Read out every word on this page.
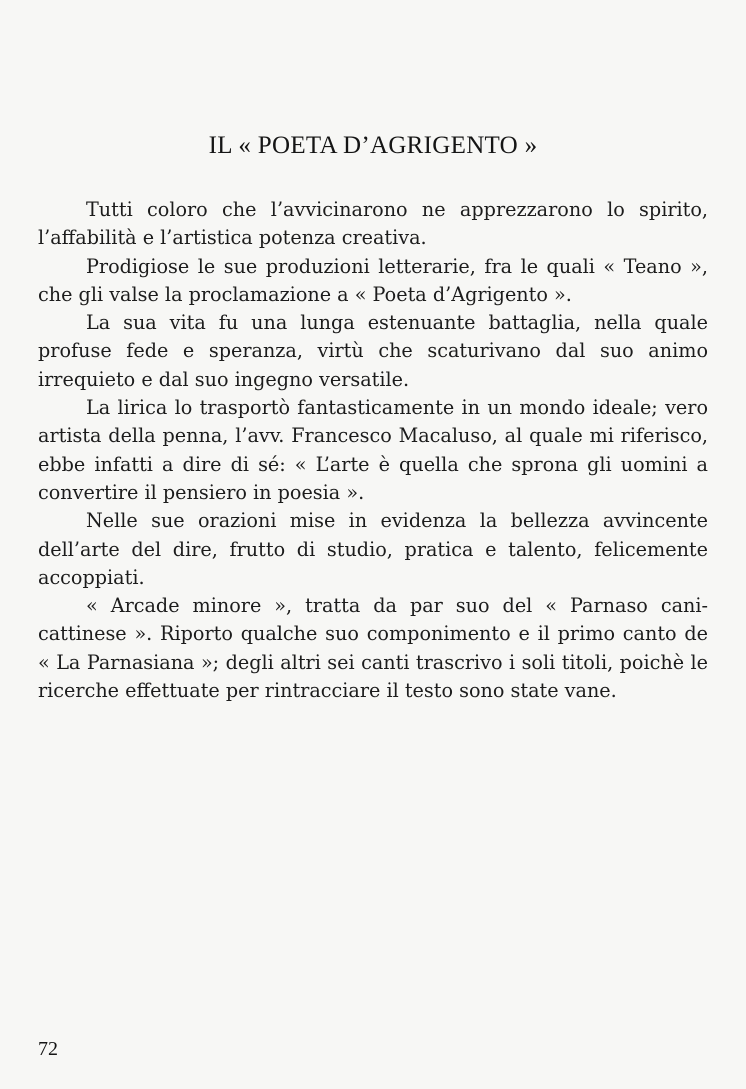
IL « POETA D’AGRIGENTO »

Tutti coloro che l’avvicinarono ne apprezzarono lo spirito, l’affabilità e l’artistica potenza creativa.

Prodigiose le sue produzioni letterarie, fra le quali « Teano », che gli valse la proclamazione a « Poeta d’Agrigento ».

La sua vita fu una lunga estenuante battaglia, nella quale profuse fede e speranza, virtù che scaturivano dal suo animo irrequieto e dal suo ingegno versatile.

La lirica lo trasportò fantasticamente in un mondo ideale; vero artista della penna, l’avv. Francesco Macaluso, al quale mi riferisco, ebbe infatti a dire di sé: « L’arte è quella che sprona gli uomini a convertire il pensiero in poesia ».

Nelle sue orazioni mise in evidenza la bellezza avvincente dell’arte del dire, frutto di studio, pratica e talento, felicemente accoppiati.

« Arcade minore », tratta da par suo del « Parnaso canicattinese ». Riporto qualche suo componimento e il primo canto de « La Parnasiana »; degli altri sei canti trascrivo i soli titoli, poichè le ricerche effettuate per rintracciare il testo sono state vane.

72
